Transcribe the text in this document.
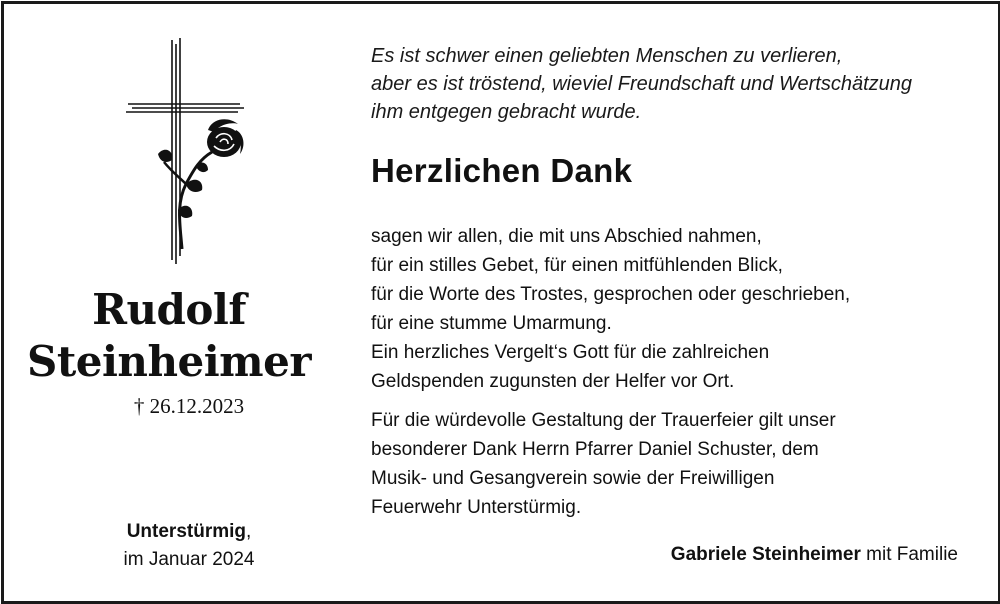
Rudolf
Steinheimer
† 26.12.2023
Unterstürmig,
im Januar 2024
Es ist schwer einen geliebten Menschen zu verlieren,
aber es ist tröstend, wieviel Freundschaft und Wertschätzung
ihm entgegen gebracht wurde.
Herzlichen Dank
sagen wir allen, die mit uns Abschied nahmen,
für ein stilles Gebet, für einen mitfühlenden Blick,
für die Worte des Trostes, gesprochen oder geschrieben,
für eine stumme Umarmung.
Ein herzliches Vergelt‘s Gott für die zahlreichen
Geldspenden zugunsten der Helfer vor Ort.
Für die würdevolle Gestaltung der Trauerfeier gilt unser
besonderer Dank Herrn Pfarrer Daniel Schuster, dem
Musik- und Gesangverein sowie der Freiwilligen
Feuerwehr Unterstürmig.
Gabriele Steinheimer mit Familie
